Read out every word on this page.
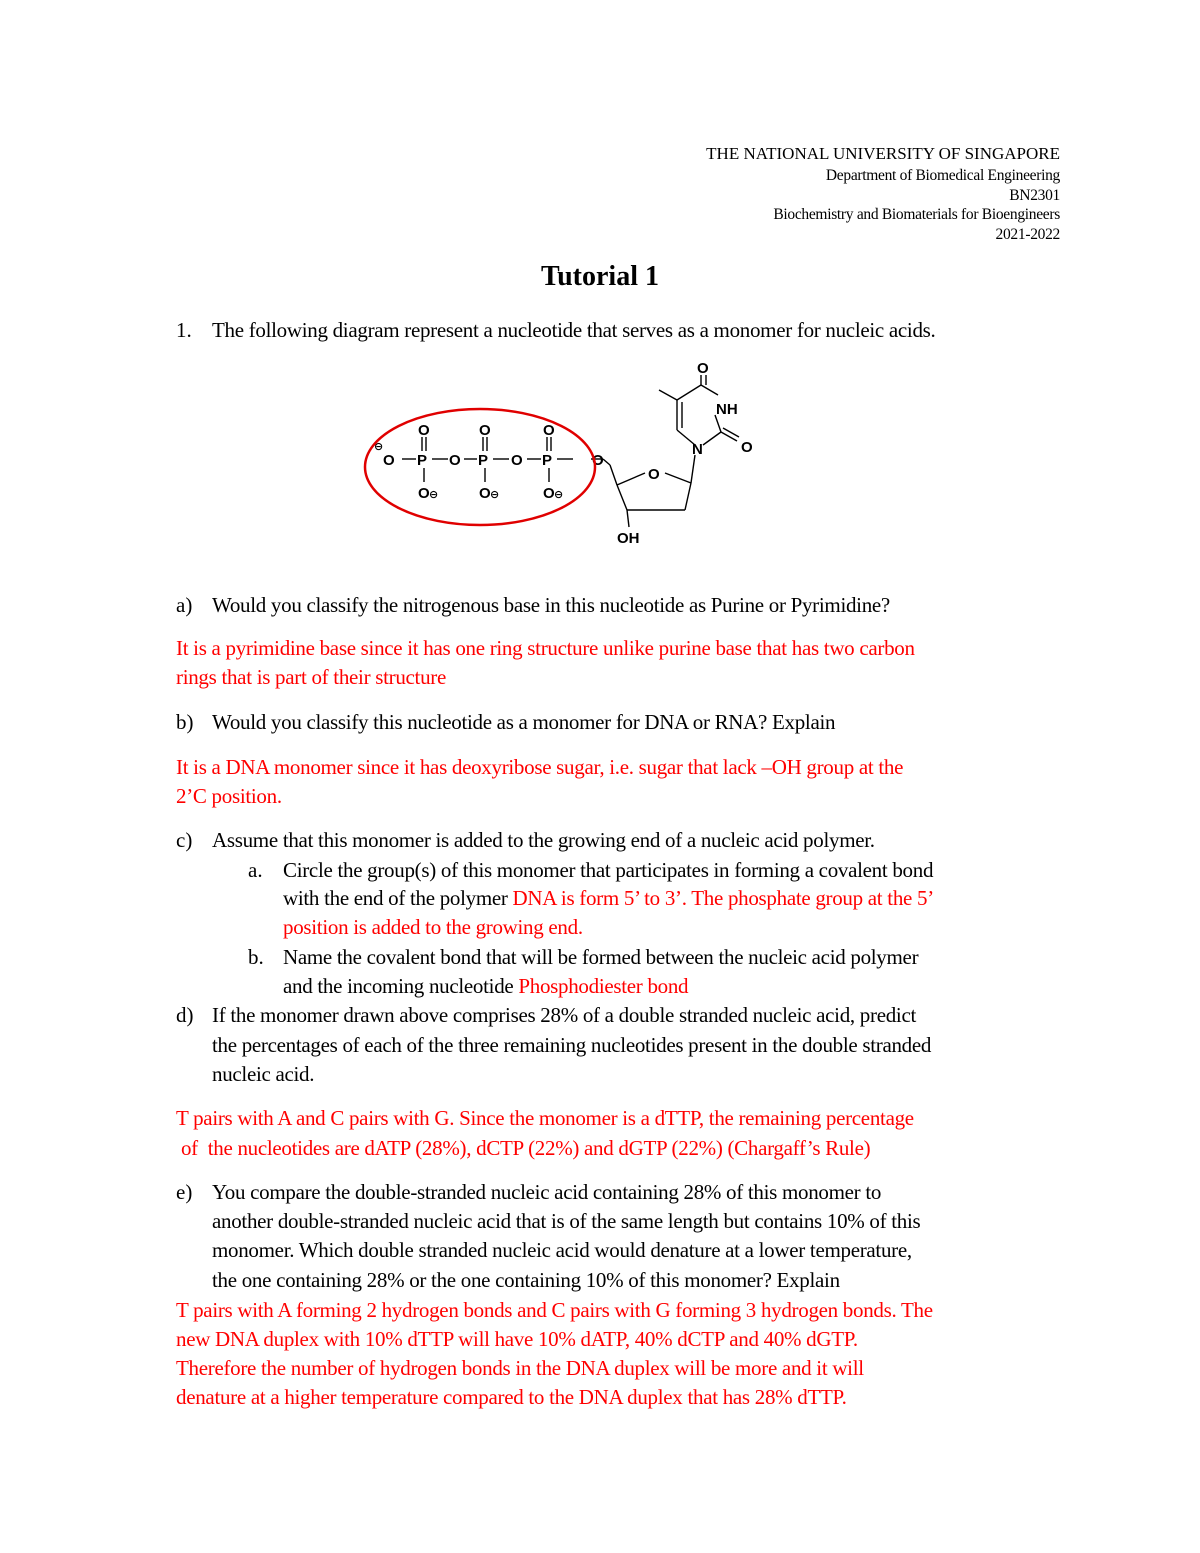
THE NATIONAL UNIVERSITY OF SINGAPORE
Department of Biomedical Engineering
BN2301
Biochemistry and Biomaterials for Bioengineers
2021-2022
Tutorial 1
1. The following diagram represent a nucleotide that serves as a monomer for nucleic acids.
O P
O
O
O P
O
O
O P
O
O
O
O
OH
N
NH
O
O
⊖
⊖	⊖	⊖
a) Would you classify the nitrogenous base in this nucleotide as Purine or Pyrimidine?
It is a pyrimidine base since it has one ring structure unlike purine base that has two carbon
rings that is part of their structure
b) Would you classify this nucleotide as a monomer for DNA or RNA? Explain
It is a DNA monomer since it has deoxyribose sugar, i.e. sugar that lack –OH group at the
2’C position.
c) Assume that this monomer is added to the growing end of a nucleic acid polymer.
a. Circle the group(s) of this monomer that participates in forming a covalent bond
with the end of the polymer DNA is form 5’ to 3’. The phosphate group at the 5’
position is added to the growing end.
b. Name the covalent bond that will be formed between the nucleic acid polymer
and the incoming nucleotide Phosphodiester bond
d) If the monomer drawn above comprises 28% of a double stranded nucleic acid, predict
the percentages of each of the three remaining nucleotides present in the double stranded
nucleic acid.
T pairs with A and C pairs with G. Since the monomer is a dTTP, the remaining percentage
of  the nucleotides are dATP (28%), dCTP (22%) and dGTP (22%) (Chargaff’s Rule)
e) You compare the double-stranded nucleic acid containing 28% of this monomer to
another double-stranded nucleic acid that is of the same length but contains 10% of this
monomer. Which double stranded nucleic acid would denature at a lower temperature,
the one containing 28% or the one containing 10% of this monomer? Explain
T pairs with A forming 2 hydrogen bonds and C pairs with G forming 3 hydrogen bonds. The
new DNA duplex with 10% dTTP will have 10% dATP, 40% dCTP and 40% dGTP.
Therefore the number of hydrogen bonds in the DNA duplex will be more and it will
denature at a higher temperature compared to the DNA duplex that has 28% dTTP.
